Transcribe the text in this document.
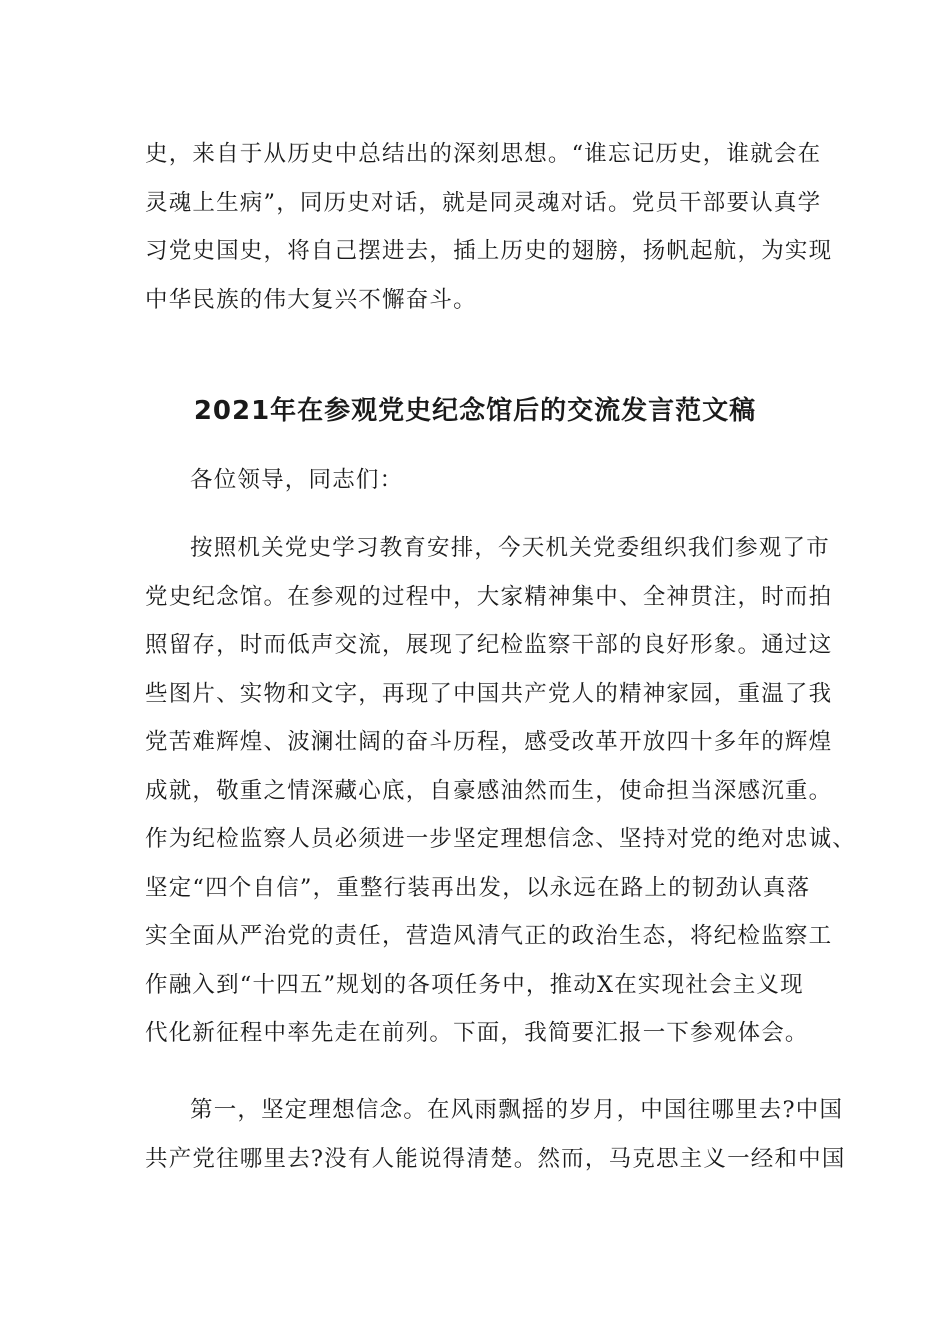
史，来自于从历史中总结出的深刻思想。“谁忘记历史，谁就会在
灵魂上生病”，同历史对话，就是同灵魂对话。党员干部要认真学
习党史国史，将自己摆进去，插上历史的翅膀，扬帆起航，为实现
中华民族的伟大复兴不懈奋斗。
2021年在参观党史纪念馆后的交流发言范文稿

各位领导，同志们：

按照机关党史学习教育安排，今天机关党委组织我们参观了市
党史纪念馆。在参观的过程中，大家精神集中、全神贯注，时而拍
照留存，时而低声交流，展现了纪检监察干部的良好形象。通过这
些图片、实物和文字，再现了中国共产党人的精神家园，重温了我
党苦难辉煌、波澜壮阔的奋斗历程，感受改革开放四十多年的辉煌
成就，敬重之情深藏心底，自豪感油然而生，使命担当深感沉重。
作为纪检监察人员必须进一步坚定理想信念、坚持对党的绝对忠诚、
坚定“四个自信”，重整行装再出发，以永远在路上的韧劲认真落
实全面从严治党的责任，营造风清气正的政治生态，将纪检监察工
作融入到“十四五”规划的各项任务中，推动X在实现社会主义现
代化新征程中率先走在前列。下面，我简要汇报一下参观体会。
第一，坚定理想信念。在风雨飘摇的岁月，中国往哪里去?中国
共产党往哪里去?没有人能说得清楚。然而，马克思主义一经和中国
